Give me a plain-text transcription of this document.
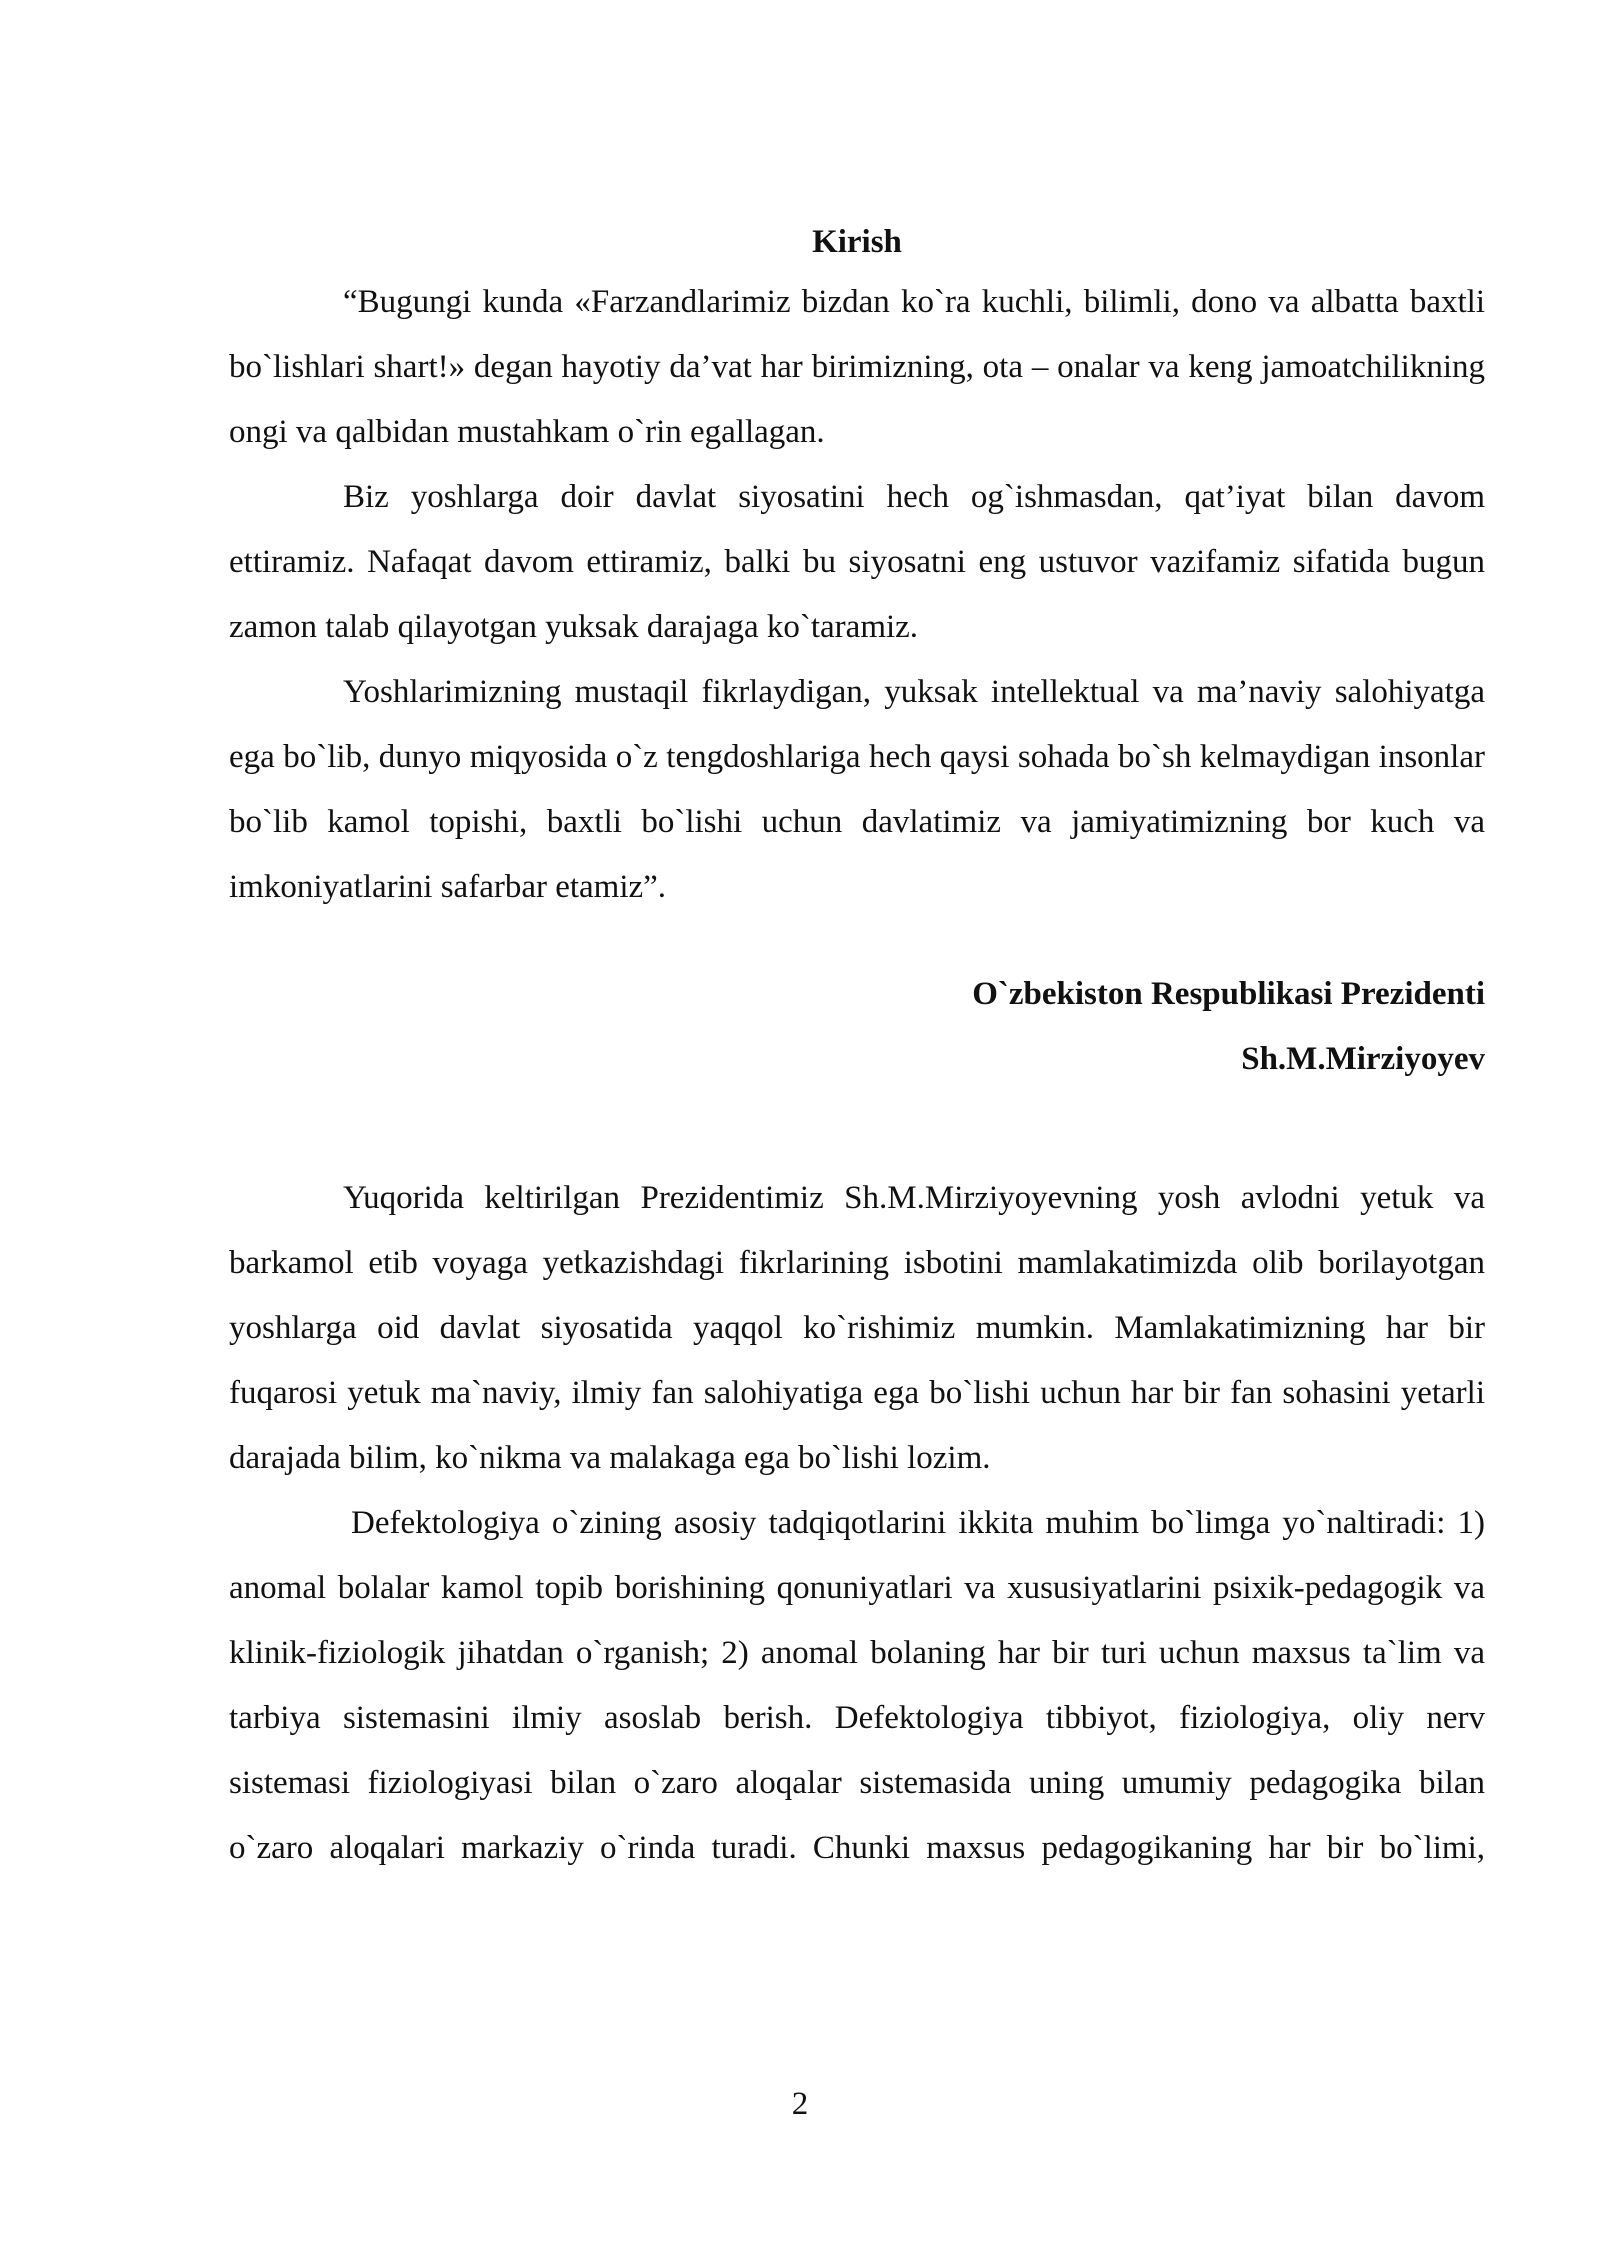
Kirish

“Bugungi kunda «Farzandlarimiz bizdan ko`ra kuchli, bilimli, dono va albatta baxtli bo`lishlari shart!» degan hayotiy da’vat har birimizning, ota – onalar va keng jamoatchilikning ongi va qalbidan mustahkam o`rin egallagan.

Biz yoshlarga doir davlat siyosatini hech og`ishmasdan, qat’iyat bilan davom ettiramiz. Nafaqat davom ettiramiz, balki bu siyosatni eng ustuvor vazifamiz sifatida bugun zamon talab qilayotgan yuksak darajaga ko`taramiz.

Yoshlarimizning mustaqil fikrlaydigan, yuksak intellektual va ma’naviy salohiyatga ega bo`lib, dunyo miqyosida o`z tengdoshlariga hech qaysi sohada bo`sh kelmaydigan insonlar bo`lib kamol topishi, baxtli bo`lishi uchun davlatimiz va jamiyatimizning bor kuch va imkoniyatlarini safarbar etamiz”.

O`zbekiston Respublikasi Prezidenti
Sh.M.Mirziyoyev

Yuqorida keltirilgan Prezidentimiz Sh.M.Mirziyoyevning yosh avlodni yetuk va barkamol etib voyaga yetkazishdagi fikrlarining isbotini mamlakatimizda olib borilayotgan yoshlarga oid davlat siyosatida yaqqol ko`rishimiz mumkin. Mamlakatimizning har bir fuqarosi yetuk ma`naviy, ilmiy fan salohiyatiga ega bo`lishi uchun har bir fan sohasini yetarli darajada bilim, ko`nikma va malakaga ega bo`lishi lozim.

Defektologiya o`zining asosiy tadqiqotlarini ikkita muhim bo`limga yo`naltiradi: 1) anomal bolalar kamol topib borishining qonuniyatlari va xususiyatlarini psixik-pedagogik va klinik-fiziologik jihatdan o`rganish; 2) anomal bolaning har bir turi uchun maxsus ta`lim va tarbiya sistemasini ilmiy asoslab berish. Defektologiya tibbiyot, fiziologiya, oliy nerv sistemasi fiziologiyasi bilan o`zaro aloqalar sistemasida uning umumiy pedagogika bilan o`zaro aloqalari markaziy o`rinda turadi. Chunki maxsus pedagogikaning har bir bo`limi,

2
